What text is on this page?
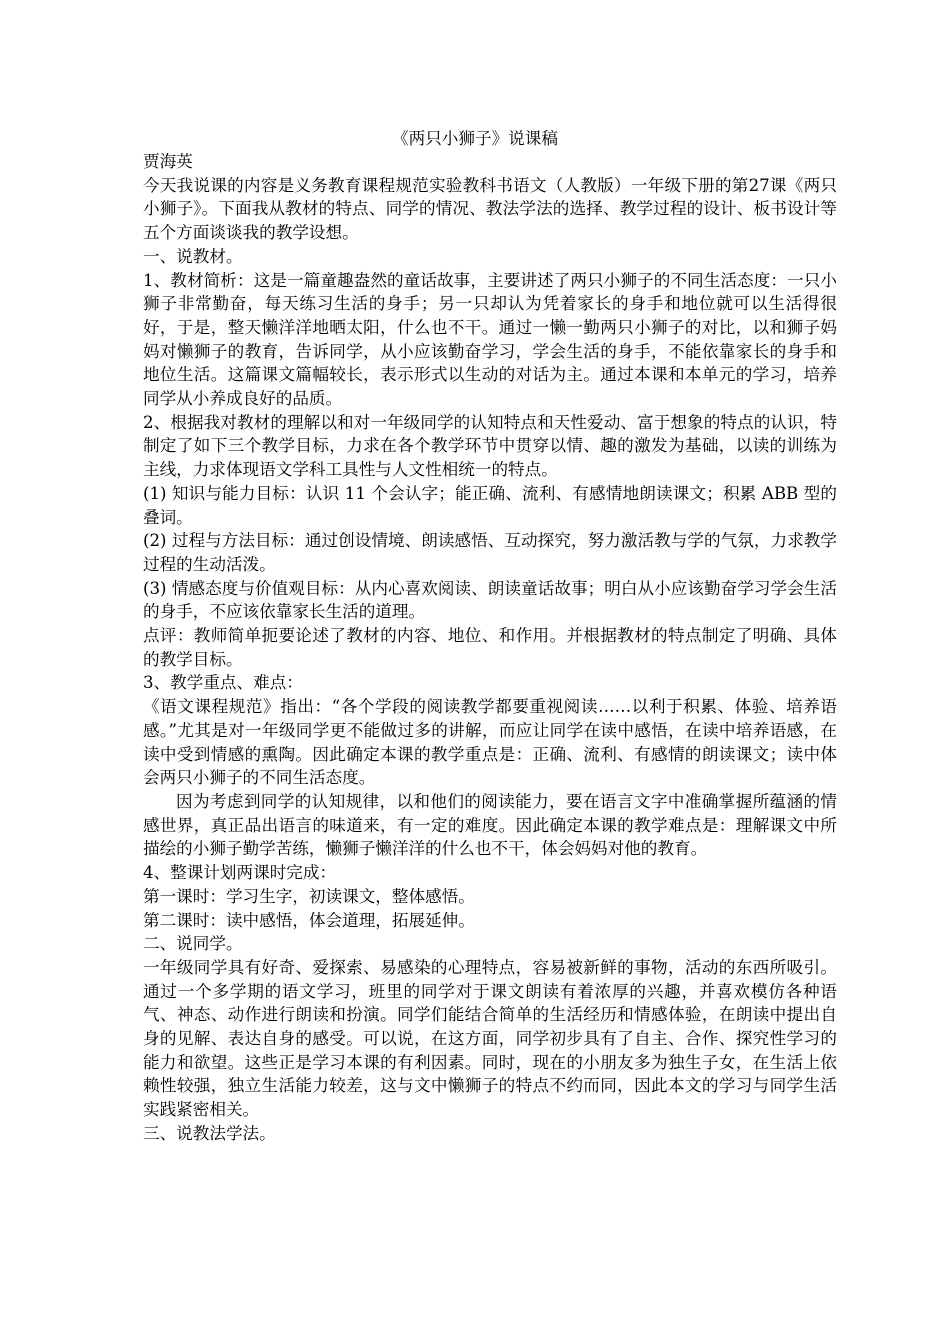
《两只小狮子》说课稿

贾海英

今天我说课的内容是义务教育课程规范实验教科书语文（人教版）一年级下册的第27课《两只小狮子》。下面我从教材的特点、同学的情况、教法学法的选择、教学过程的设计、板书设计等五个方面谈谈我的教学设想。

一、说教材。

1、教材简析：这是一篇童趣盎然的童话故事，主要讲述了两只小狮子的不同生活态度：一只小狮子非常勤奋，每天练习生活的身手；另一只却认为凭着家长的身手和地位就可以生活得很好，于是，整天懒洋洋地晒太阳，什么也不干。通过一懒一勤两只小狮子的对比，以和狮子妈妈对懒狮子的教育，告诉同学，从小应该勤奋学习，学会生活的身手，不能依靠家长的身手和地位生活。这篇课文篇幅较长，表示形式以生动的对话为主。通过本课和本单元的学习，培养同学从小养成良好的品质。

2、根据我对教材的理解以和对一年级同学的认知特点和天性爱动、富于想象的特点的认识，特制定了如下三个教学目标，力求在各个教学环节中贯穿以情、趣的激发为基础，以读的训练为主线，力求体现语文学科工具性与人文性相统一的特点。

(1) 知识与能力目标：认识 11 个会认字；能正确、流利、有感情地朗读课文；积累 ABB 型的叠词。

(2) 过程与方法目标：通过创设情境、朗读感悟、互动探究，努力激活教与学的气氛，力求教学过程的生动活泼。

(3) 情感态度与价值观目标：从内心喜欢阅读、朗读童话故事；明白从小应该勤奋学习学会生活的身手，不应该依靠家长生活的道理。

点评：教师简单扼要论述了教材的内容、地位、和作用。并根据教材的特点制定了明确、具体的教学目标。

3、教学重点、难点：

《语文课程规范》指出：“各个学段的阅读教学都要重视阅读……以利于积累、体验、培养语感。”尤其是对一年级同学更不能做过多的讲解，而应让同学在读中感悟，在读中培养语感，在读中受到情感的熏陶。因此确定本课的教学重点是：正确、流利、有感情的朗读课文；读中体会两只小狮子的不同生活态度。

因为考虑到同学的认知规律，以和他们的阅读能力，要在语言文字中准确掌握所蕴涵的情感世界，真正品出语言的味道来，有一定的难度。因此确定本课的教学难点是：理解课文中所描绘的小狮子勤学苦练，懒狮子懒洋洋的什么也不干，体会妈妈对他的教育。

4、整课计划两课时完成：

第一课时：学习生字，初读课文，整体感悟。

第二课时：读中感悟，体会道理，拓展延伸。

二、说同学。

一年级同学具有好奇、爱探索、易感染的心理特点，容易被新鲜的事物，活动的东西所吸引。通过一个多学期的语文学习，班里的同学对于课文朗读有着浓厚的兴趣，并喜欢模仿各种语气、神态、动作进行朗读和扮演。同学们能结合简单的生活经历和情感体验，在朗读中提出自身的见解、表达自身的感受。可以说，在这方面，同学初步具有了自主、合作、探究性学习的能力和欲望。这些正是学习本课的有利因素。同时，现在的小朋友多为独生子女，在生活上依赖性较强，独立生活能力较差，这与文中懒狮子的特点不约而同，因此本文的学习与同学生活实践紧密相关。

三、说教法学法。
